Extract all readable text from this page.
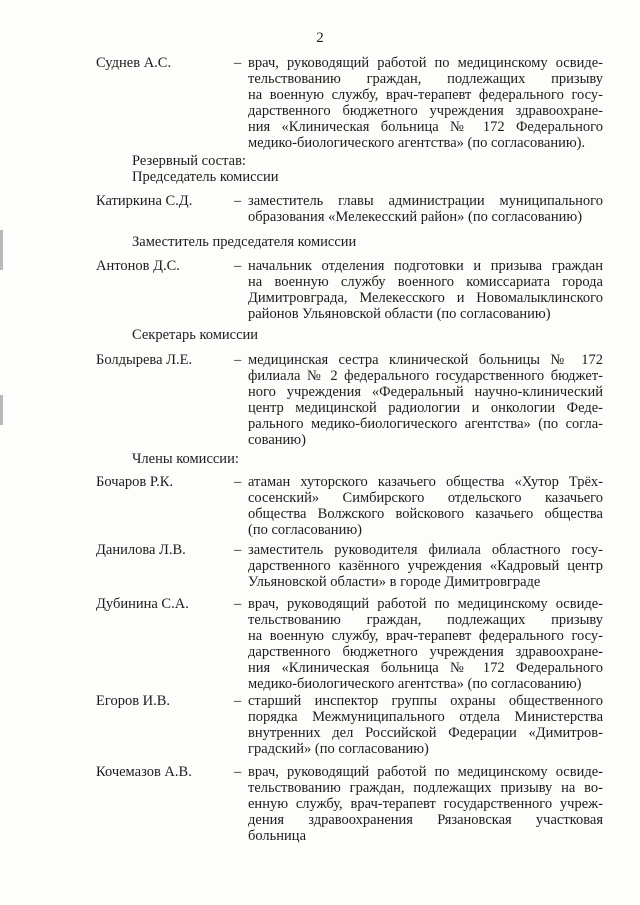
2
Суднев А.С.	– врач, руководящий работой по медицинскому освиде-
тельствованию граждан, подлежащих призыву
на военную службу, врач-терапевт федерального госу-
дарственного бюджетного учреждения здравоохране-
ния «Клиническая больница № 172 Федерального
медико-биологического агентства» (по согласованию).
Резервный состав:
Председатель комиссии
Катиркина С.Д.	– заместитель главы администрации муниципального
образования «Мелекесский район» (по согласованию)
Заместитель председателя комиссии
Антонов Д.С.	– начальник отделения подготовки и призыва граждан
на военную службу военного комиссариата города
Димитровграда, Мелекесского и Новомалыклинского
районов Ульяновской области (по согласованию)
Секретарь комиссии
Болдырева Л.Е.	– медицинская сестра клинической больницы № 172
филиала № 2 федерального государственного бюджет-
ного учреждения «Федеральный научно-клинический
центр медицинской радиологии и онкологии Феде-
рального медико-биологического агентства» (по согла-
сованию)
Члены комиссии:
Бочаров Р.К.	– атаман хуторского казачьего общества «Хутор Трёх-
сосенский» Симбирского отдельского казачьего
общества Волжского войскового казачьего общества
(по согласованию)
Данилова Л.В.	– заместитель руководителя филиала областного госу-
дарственного казённого учреждения «Кадровый центр
Ульяновской области» в городе Димитровграде
Дубинина С.А.	– врач, руководящий работой по медицинскому освиде-
тельствованию граждан, подлежащих призыву
на военную службу, врач-терапевт федерального госу-
дарственного бюджетного учреждения здравоохране-
ния «Клиническая больница № 172 Федерального
медико-биологического агентства» (по согласованию)
Егоров И.В.	– старший инспектор группы охраны общественного
порядка Межмуниципального отдела Министерства
внутренних дел Российской Федерации «Димитров-
градский» (по согласованию)
Кочемазов А.В.	– врач, руководящий работой по медицинскому освиде-
тельствованию граждан, подлежащих призыву на во-
енную службу, врач-терапевт государственного учреж-
дения здравоохранения Рязановская участковая
больница
